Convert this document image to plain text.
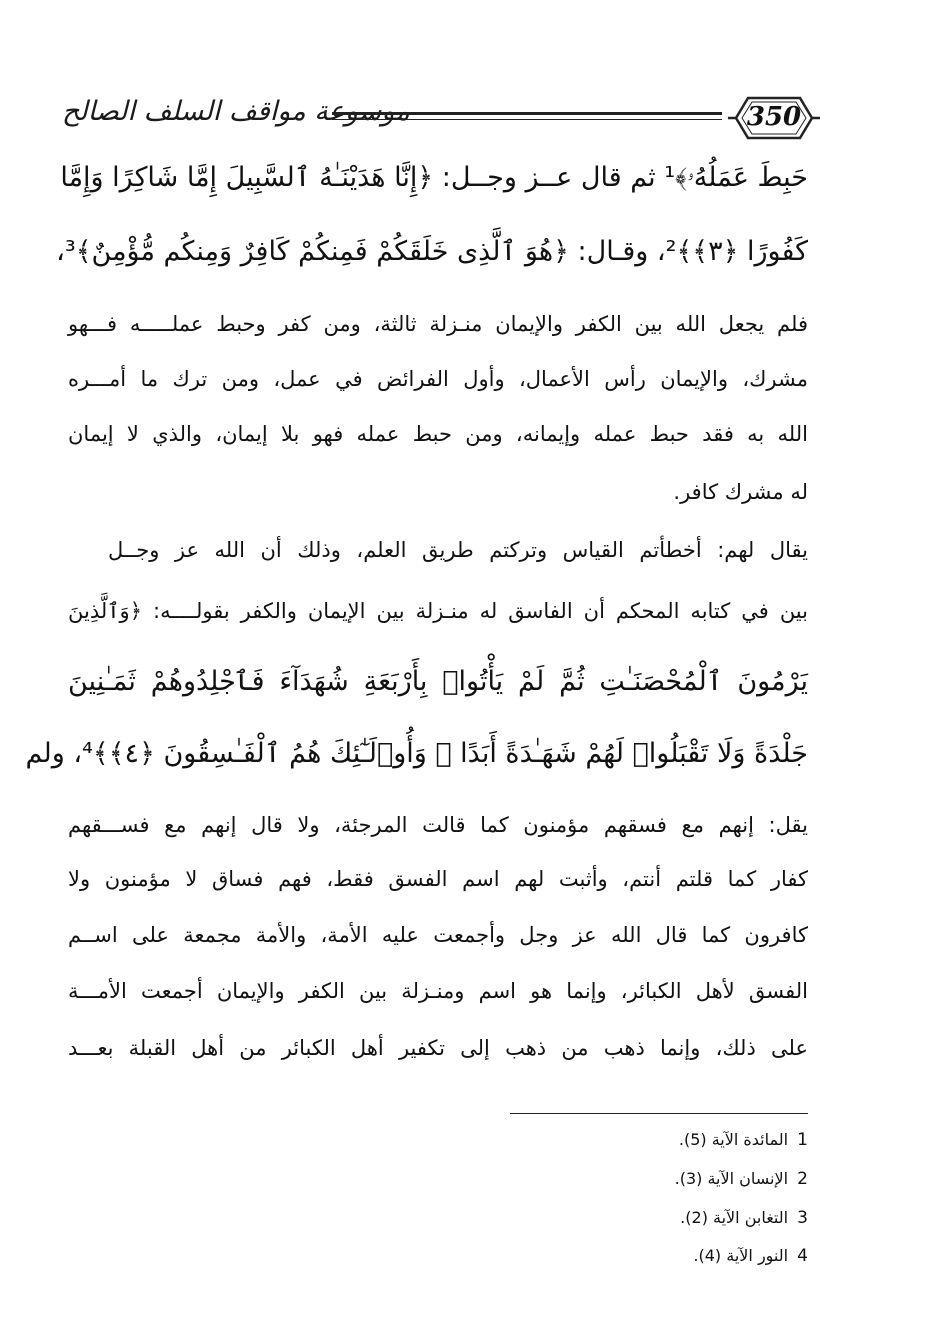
موسوعة مواقف السلف الصالح	350
حَبِطَ عَمَلُهُۥ﴾¹ ثم قال عــز وجــل: ﴿إِنَّا هَدَيْنَـٰهُ ٱلسَّبِيلَ إِمَّا شَاكِرًا وَإِمَّا
كَفُورًا ﴿٣﴾﴾²، وقـال: ﴿هُوَ ٱلَّذِى خَلَقَكُمْ فَمِنكُمْ كَافِرٌ وَمِنكُم مُّؤْمِنٌ﴾³،
فلم يجعل الله بين الكفر والإيمان منـزلة ثالثة، ومن كفر وحبط عملـــــه فـــهو
مشرك، والإيمان رأس الأعمال، وأول الفرائض في عمل، ومن ترك ما أمـــره
الله به فقد حبط عمله وإيمانه، ومن حبط عمله فهو بلا إيمان، والذي لا إيمان
له مشرك كافر.
يقال لهم: أخطأتم القياس وتركتم طريق العلم، وذلك أن الله عز وجــل
بين في كتابه المحكم أن الفاسق له منـزلة بين الإيمان والكفر بقولــــه: ﴿وَٱلَّذِينَ
يَرْمُونَ ٱلْمُحْصَنَـٰتِ ثُمَّ لَمْ يَأْتُوا۟ بِأَرْبَعَةِ شُهَدَآءَ فَٱجْلِدُوهُمْ ثَمَـٰنِينَ
جَلْدَةً وَلَا تَقْبَلُوا۟ لَهُمْ شَهَـٰدَةً أَبَدًا ۚ وَأُو۟لَـٰٓئِكَ هُمُ ٱلْفَـٰسِقُونَ ﴿٤﴾﴾⁴، ولم
يقل: إنهم مع فسقهم مؤمنون كما قالت المرجئة، ولا قال إنهم مع فســـقهم
كفار كما قلتم أنتم، وأثبت لهم اسم الفسق فقط، فهم فساق لا مؤمنون ولا
كافرون كما قال الله عز وجل وأجمعت عليه الأمة، والأمة مجمعة على اســم
الفسق لأهل الكبائر، وإنما هو اسم ومنـزلة بين الكفر والإيمان أجمعت الأمـــة
على ذلك، وإنما ذهب من ذهب إلى تكفير أهل الكبائر من أهل القبلة بعـــد
1 المائدة الآية (5).
2 الإنسان الآية (3).
3 التغابن الآية (2).
4 النور الآية (4).
